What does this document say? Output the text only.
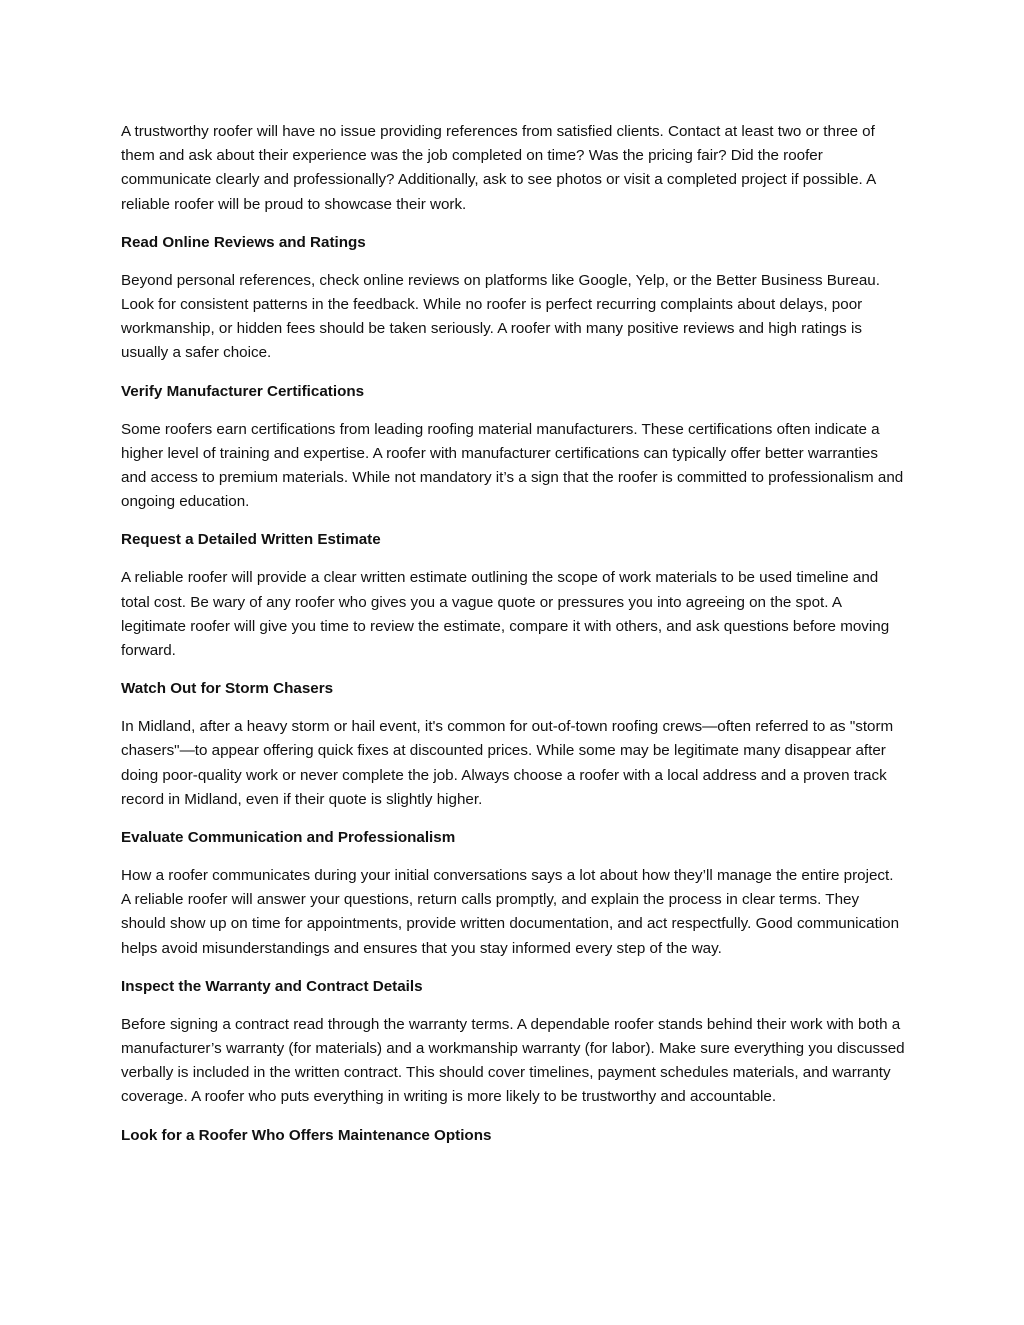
A trustworthy roofer will have no issue providing references from satisfied clients. Contact at least two or three of them and ask about their experience was the job completed on time? Was the pricing fair? Did the roofer communicate clearly and professionally? Additionally, ask to see photos or visit a completed project if possible. A reliable roofer will be proud to showcase their work.

Read Online Reviews and Ratings

Beyond personal references, check online reviews on platforms like Google, Yelp, or the Better Business Bureau. Look for consistent patterns in the feedback. While no roofer is perfect recurring complaints about delays, poor workmanship, or hidden fees should be taken seriously. A roofer with many positive reviews and high ratings is usually a safer choice.

Verify Manufacturer Certifications

Some roofers earn certifications from leading roofing material manufacturers. These certifications often indicate a higher level of training and expertise. A roofer with manufacturer certifications can typically offer better warranties and access to premium materials. While not mandatory it’s a sign that the roofer is committed to professionalism and ongoing education.

Request a Detailed Written Estimate

A reliable roofer will provide a clear written estimate outlining the scope of work materials to be used timeline and total cost. Be wary of any roofer who gives you a vague quote or pressures you into agreeing on the spot. A legitimate roofer will give you time to review the estimate, compare it with others, and ask questions before moving forward.

Watch Out for Storm Chasers

In Midland, after a heavy storm or hail event, it's common for out-of-town roofing crews—often referred to as "storm chasers"—to appear offering quick fixes at discounted prices. While some may be legitimate many disappear after doing poor-quality work or never complete the job. Always choose a roofer with a local address and a proven track record in Midland, even if their quote is slightly higher.

Evaluate Communication and Professionalism

How a roofer communicates during your initial conversations says a lot about how they’ll manage the entire project. A reliable roofer will answer your questions, return calls promptly, and explain the process in clear terms. They should show up on time for appointments, provide written documentation, and act respectfully. Good communication helps avoid misunderstandings and ensures that you stay informed every step of the way.

Inspect the Warranty and Contract Details

Before signing a contract read through the warranty terms. A dependable roofer stands behind their work with both a manufacturer’s warranty (for materials) and a workmanship warranty (for labor). Make sure everything you discussed verbally is included in the written contract. This should cover timelines, payment schedules materials, and warranty coverage. A roofer who puts everything in writing is more likely to be trustworthy and accountable.

Look for a Roofer Who Offers Maintenance Options
